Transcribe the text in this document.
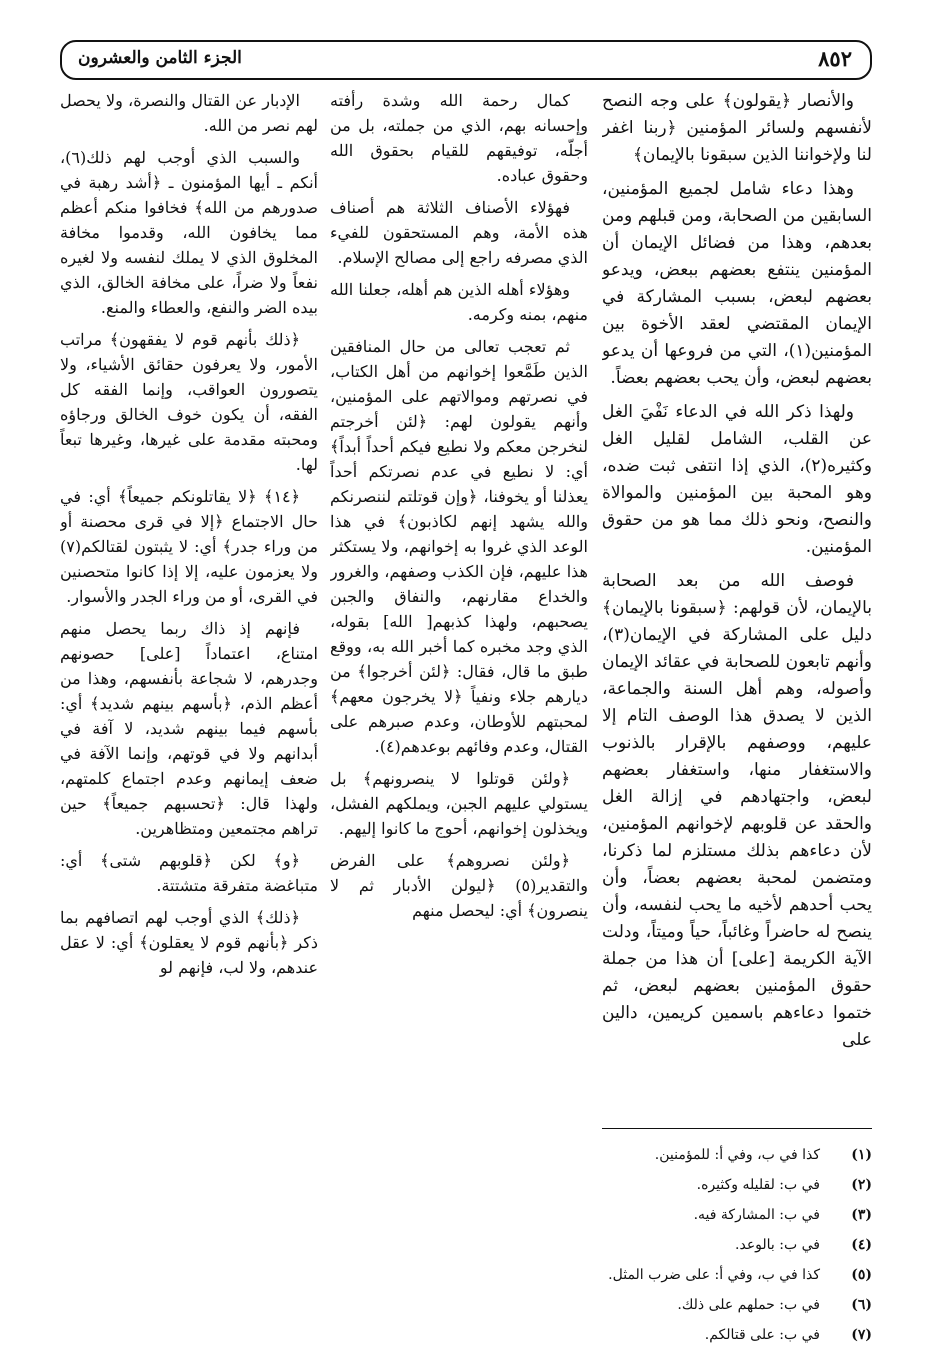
٨٥٢
الجزء الثامن والعشرون

والأنصار ﴿يقولون﴾ على وجه النصح لأنفسهم ولسائر المؤمنين ﴿ربنا اغفر لنا ولإخواننا الذين سبقونا بالإيمان﴾

وهذا دعاء شامل لجميع المؤمنين، السابقين من الصحابة، ومن قبلهم ومن بعدهم، وهذا من فضائل الإيمان أن المؤمنين ينتفع بعضهم ببعض، ويدعو بعضهم لبعض، بسبب المشاركة في الإيمان المقتضي لعقد الأخوة بين المؤمنين(١)، التي من فروعها أن يدعو بعضهم لبعض، وأن يحب بعضهم بعضاً.

ولهذا ذكر الله في الدعاء نَفْيَ الغل عن القلب، الشامل لقليل الغل وكثيره(٢)، الذي إذا انتفى ثبت ضده، وهو المحبة بين المؤمنين والموالاة والنصح، ونحو ذلك مما هو من حقوق المؤمنين.

فوصف الله من بعد الصحابة بالإيمان، لأن قولهم: ﴿سبقونا بالإيمان﴾ دليل على المشاركة في الإيمان(٣)، وأنهم تابعون للصحابة في عقائد الإيمان وأصوله، وهم أهل السنة والجماعة، الذين لا يصدق هذا الوصف التام إلا عليهم، ووصفهم بالإقرار بالذنوب والاستغفار منها، واستغفار بعضهم لبعض، واجتهادهم في إزالة الغل والحقد عن قلوبهم لإخوانهم المؤمنين، لأن دعاءهم بذلك مستلزم لما ذكرنا، ومتضمن لمحبة بعضهم بعضاً، وأن يحب أحدهم لأخيه ما يحب لنفسه، وأن ينصح له حاضراً وغائباً، حياً وميتاً، ودلت الآية الكريمة [على] أن هذا من جملة حقوق المؤمنين بعضهم لبعض، ثم ختموا دعاءهم باسمين كريمين، دالين على

كمال رحمة الله وشدة رأفته وإحسانه بهم، الذي من جملته، بل من أجلّه، توفيقهم للقيام بحقوق الله وحقوق عباده.

فهؤلاء الأصناف الثلاثة هم أصناف هذه الأمة، وهم المستحقون للفيء الذي مصرفه راجع إلى مصالح الإسلام.

وهؤلاء أهله الذين هم أهله، جعلنا الله منهم، بمنه وكرمه.

ثم تعجب تعالى من حال المنافقين الذين طَمَّعوا إخوانهم من أهل الكتاب، في نصرتهم وموالاتهم على المؤمنين، وأنهم يقولون لهم: ﴿لئن أخرجتم لنخرجن معكم ولا نطيع فيكم أحداً أبداً﴾ أي: لا نطيع في عدم نصرتكم أحداً يعذلنا أو يخوفنا، ﴿وإن قوتلتم لننصرنكم والله يشهد إنهم لكاذبون﴾ في هذا الوعد الذي غروا به إخوانهم، ولا يستكثر هذا عليهم، فإن الكذب وصفهم، والغرور والخداع مقارنهم، والنفاق والجبن يصحبهم، ولهذا كذبهم[ الله] بقوله، الذي وجد مخبره كما أخبر الله به، ووقع طبق ما قال، فقال: ﴿لئن أخرجوا﴾ من ديارهم جلاء ونفياً ﴿لا يخرجون معهم﴾ لمحبتهم للأوطان، وعدم صبرهم على القتال، وعدم وفائهم بوعدهم(٤).

﴿ولئن قوتلوا لا ينصرونهم﴾ بل يستولي عليهم الجبن، ويملكهم الفشل، ويخذلون إخوانهم، أحوج ما كانوا إليهم.

﴿ولئن نصروهم﴾ على الفرض والتقدير(٥) ﴿ليولن الأدبار ثم لا ينصرون﴾ أي: ليحصل منهم

الإدبار عن القتال والنصرة، ولا يحصل لهم نصر من الله.

والسبب الذي أوجب لهم ذلك(٦)، أنكم ـ أيها المؤمنون ـ ﴿أشد رهبة في صدورهم من الله﴾ فخافوا منكم أعظم مما يخافون الله، وقدموا مخافة المخلوق الذي لا يملك لنفسه ولا لغيره نفعاً ولا ضراً، على مخافة الخالق، الذي بيده الضر والنفع، والعطاء والمنع.

﴿ذلك بأنهم قوم لا يفقهون﴾ مراتب الأمور، ولا يعرفون حقائق الأشياء، ولا يتصورون العواقب، وإنما الفقه كل الفقه، أن يكون خوف الخالق ورجاؤه ومحبته مقدمة على غيرها، وغيرها تبعاً لها.

﴿١٤﴾ ﴿لا يقاتلونكم جميعاً﴾ أي: في حال الاجتماع ﴿إلا في قرى محصنة أو من وراء جدر﴾ أي: لا يثبتون لقتالكم(٧) ولا يعزمون عليه، إلا إذا كانوا متحصنين في القرى، أو من وراء الجدر والأسوار.

فإنهم إذ ذاك ربما يحصل منهم امتناع، اعتماداً [على] حصونهم وجدرهم، لا شجاعة بأنفسهم، وهذا من أعظم الذم، ﴿بأسهم بينهم شديد﴾ أي: بأسهم فيما بينهم شديد، لا آفة في أبدانهم ولا في قوتهم، وإنما الآفة في ضعف إيمانهم وعدم اجتماع كلمتهم، ولهذا قال: ﴿تحسبهم جميعاً﴾ حين تراهم مجتمعين ومتظاهرين.

﴿و﴾ لكن ﴿قلوبهم شتى﴾ أي: متباغضة متفرقة متشتتة.

﴿ذلك﴾ الذي أوجب لهم اتصافهم بما ذكر ﴿بأنهم قوم لا يعقلون﴾ أي: لا عقل عندهم، ولا لب، فإنهم لو

(١)
كذا في ب، وفي أ: للمؤمنين.
(٢)
في ب: لقليله وكثيره.
(٣)
في ب: المشاركة فيه.
(٤)
في ب: بالوعد.
(٥)
كذا في ب، وفي أ: على ضرب المثل.
(٦)
في ب: حملهم على ذلك.
(٧)
في ب: على قتالكم.
